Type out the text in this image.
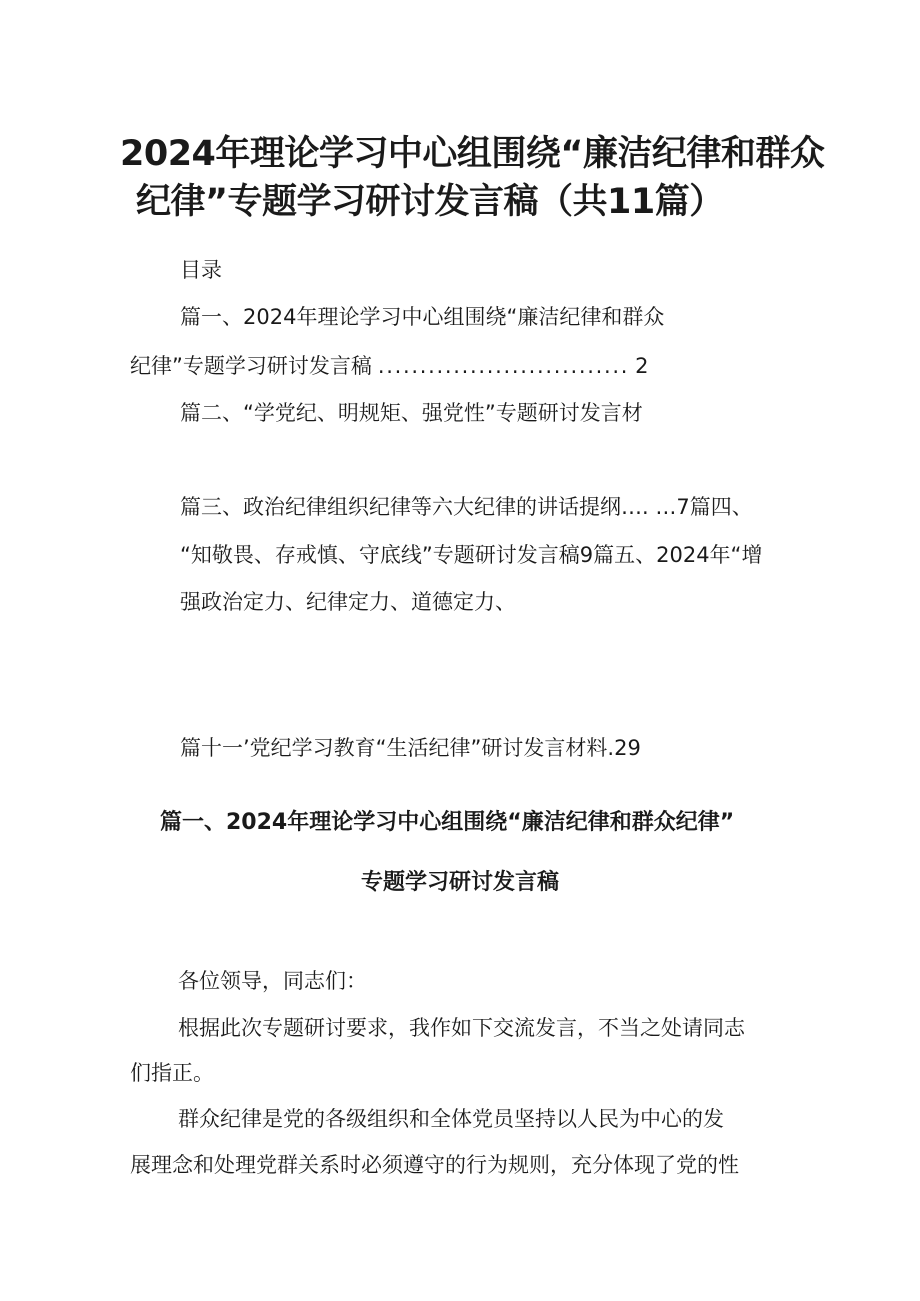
2024年理论学习中心组围绕“廉洁纪律和群众
纪律”专题学习研讨发言稿（共11篇）
目录
篇一、2024年理论学习中心组围绕“廉洁纪律和群众
纪律”专题学习研讨发言稿 .............................. 2
篇二、“学党纪、明规矩、强党性”专题研讨发言材
篇三、政治纪律组织纪律等六大纪律的讲话提纲…. …7篇四、
“知敬畏、存戒慎、守底线”专题研讨发言稿9篇五、2024年“增
强政治定力、纪律定力、道德定力、
篇十一’党纪学习教育“生活纪律”研讨发言材料.29
篇一、2024年理论学习中心组围绕“廉洁纪律和群众纪律”
专题学习研讨发言稿
各位领导，同志们：
根据此次专题研讨要求，我作如下交流发言，不当之处请同志
们指正。
群众纪律是党的各级组织和全体党员坚持以人民为中心的发
展理念和处理党群关系时必须遵守的行为规则，充分体现了党的性
